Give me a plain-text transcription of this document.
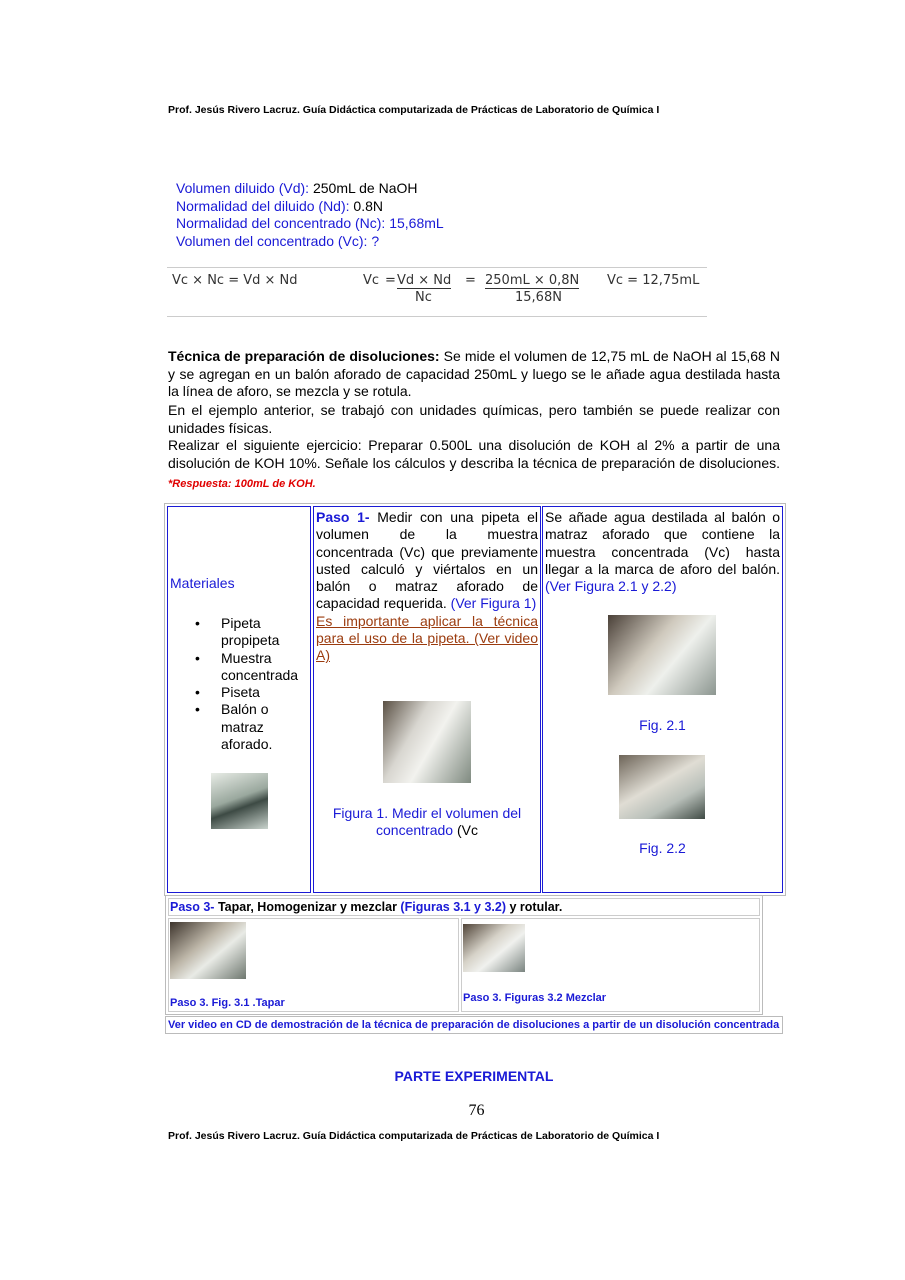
Prof. Jesús Rivero Lacruz. Guía Didáctica computarizada de Prácticas de Laboratorio de Química I
Volumen diluido (Vd): 250mL de NaOH
Normalidad del diluido (Nd): 0.8N
Normalidad del concentrado (Nc): 15,68mL
Volumen del concentrado (Vc): ?
Vc × Nc = Vd × Nd	Vc = Vd × Nd
Nc
= 250mL × 0,8N
15,68N
Vc = 12,75mL
Técnica de preparación de disoluciones: Se mide el volumen de 12,75 mL de NaOH al 15,68 N y se agregan en un balón aforado de capacidad 250mL y luego se le añade agua destilada hasta la línea de aforo, se mezcla y se rotula.
En el ejemplo anterior, se trabajó con unidades químicas, pero también se puede realizar con unidades físicas.
Realizar el siguiente ejercicio: Preparar 0.500L una disolución de KOH al 2% a partir de una disolución de KOH 10%. Señale los cálculos y describa la técnica de preparación de disoluciones. *Respuesta: 100mL de KOH.
Materiales
• Pipeta propipeta
• Muestra concentrada
• Piseta
• Balón o matraz aforado.
Paso 1- Medir con una pipeta el volumen de la muestra concentrada (Vc) que previamente usted calculó y viértalos en un balón o matraz aforado de capacidad requerida. (Ver Figura 1)
Es importante aplicar la técnica para el uso de la pipeta. (Ver video A)
Figura 1. Medir el volumen del concentrado (Vc
Se añade agua destilada al balón o matraz aforado que contiene la muestra concentrada (Vc) hasta llegar a la marca de aforo del balón. (Ver Figura 2.1 y 2.2)
Fig. 2.1
Fig. 2.2
Paso 3- Tapar, Homogenizar y mezclar (Figuras 3.1 y 3.2) y rotular.
Paso 3. Fig. 3.1 .Tapar	Paso 3. Figuras 3.2 Mezclar
Ver video en CD de demostración de la técnica de preparación de disoluciones a partir de un disolución concentrada
PARTE EXPERIMENTAL
76
Prof. Jesús Rivero Lacruz. Guía Didáctica computarizada de Prácticas de Laboratorio de Química I
